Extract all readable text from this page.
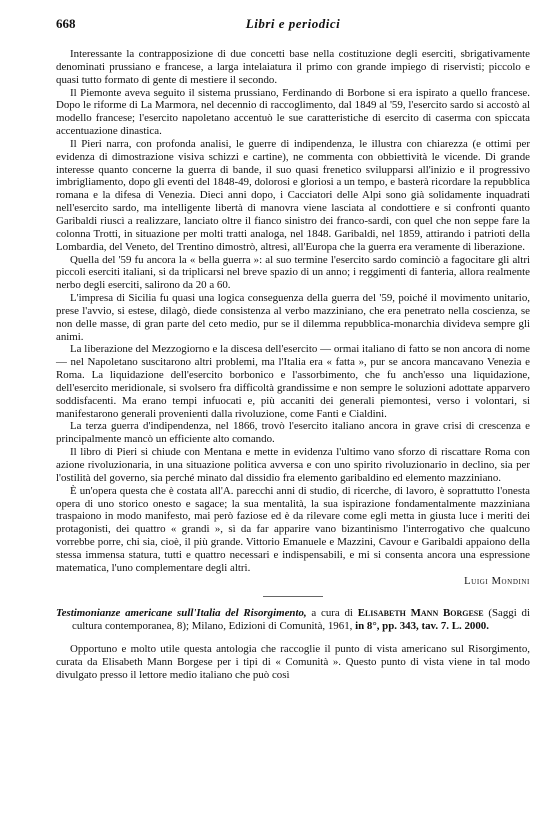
668	Libri e periodici

Interessante la contrapposizione di due concetti base nella costituzione degli eserciti, sbrigativamente denominati prussiano e francese, a larga intelaiatura il primo con grande impiego di riservisti; piccolo e quasi tutto formato di gente di mestiere il secondo.

Il Piemonte aveva seguito il sistema prussiano, Ferdinando di Borbone si era ispirato a quello francese. Dopo le riforme di La Marmora, nel decennio di raccoglimento, dal 1849 al '59, l'esercito sardo si accostò al modello francese; l'esercito napoletano accentuò le sue caratteristiche di esercito di caserma con spiccata accentuazione dinastica.

Il Pieri narra, con profonda analisi, le guerre di indipendenza, le illustra con chiarezza (e ottimi per evidenza di dimostrazione visiva schizzi e cartine), ne commenta con obbiettività le vicende. Di grande interesse quanto concerne la guerra di bande, il suo quasi frenetico svilupparsi all'inizio e il progressivo imbrigliamento, dopo gli eventi del 1848-49, dolorosi e gloriosi a un tempo, e basterà ricordare la repubblica romana e la difesa di Venezia. Dieci anni dopo, i Cacciatori delle Alpi sono già solidamente inquadrati nell'esercito sardo, ma intelligente libertà di manovra viene lasciata al condottiere e si confronti quanto Garibaldi riuscì a realizzare, lanciato oltre il fianco sinistro dei franco-sardi, con quel che non seppe fare la colonna Trotti, in situazione per molti tratti analoga, nel 1848. Garibaldi, nel 1859, attirando i patrioti della Lombardia, del Veneto, del Trentino dimostrò, altresì, all'Europa che la guerra era veramente di liberazione.

Quella del '59 fu ancora la « bella guerra »: al suo termine l'esercito sardo cominciò a fagocitare gli altri piccoli eserciti italiani, si da triplicarsi nel breve spazio di un anno; i reggimenti di fanteria, allora realmente nerbo degli eserciti, salirono da 20 a 60.

L'impresa di Sicilia fu quasi una logica conseguenza della guerra del '59, poiché il movimento unitario, prese l'avvio, si estese, dilagò, diede consistenza al verbo mazziniano, che era penetrato nella coscienza, se non delle masse, di gran parte del ceto medio, pur se il dilemma repubblica-monarchia divideva sempre gli animi.

La liberazione del Mezzogiorno e la discesa dell'esercito — ormai italiano di fatto se non ancora di nome — nel Napoletano suscitarono altri problemi, ma l'Italia era « fatta », pur se ancora mancavano Venezia e Roma. La liquidazione dell'esercito borbonico e l'assorbimento, che fu anch'esso una liquidazione, dell'esercito meridionale, si svolsero fra difficoltà grandissime e non sempre le soluzioni adottate apparvero soddisfacenti. Ma erano tempi infuocati e, più accaniti dei generali piemontesi, verso i volontari, si manifestarono generali provenienti dalla rivoluzione, come Fanti e Cialdini.

La terza guerra d'indipendenza, nel 1866, trovò l'esercito italiano ancora in grave crisi di crescenza e principalmente mancò un efficiente alto comando.

Il libro di Pieri si chiude con Mentana e mette in evidenza l'ultimo vano sforzo di riscattare Roma con azione rivoluzionaria, in una situazione politica avversa e con uno spirito rivoluzionario in declino, sia per l'ostilità del governo, sia perché minato dal dissidio fra elemento garibaldino ed elemento mazziniano.

È un'opera questa che è costata all'A. parecchi anni di studio, di ricerche, di lavoro, è soprattutto l'onesta opera di uno storico onesto e sagace; la sua mentalità, la sua ispirazione fondamentalmente mazziniana traspaiono in modo manifesto, mai però faziose ed è da rilevare come egli metta in giusta luce i meriti dei protagonisti, dei quattro « grandi », sì da far apparire vano bizantinismo l'interrogativo che qualcuno vorrebbe porre, chi sia, cioè, il più grande. Vittorio Emanuele e Mazzini, Cavour e Garibaldi appaiono della stessa immensa statura, tutti e quattro necessari e indispensabili, e mi si consenta ancora una espressione matematica, l'uno complementare degli altri.

Luigi Mondini

Testimonianze americane sull'Italia del Risorgimento, a cura di Elisabeth Mann Borgese (Saggi di cultura contemporanea, 8); Milano, Edizioni di Comunità, 1961, in 8°, pp. 343, tav. 7. L. 2000.

Opportuno e molto utile questa antologia che raccoglie il punto di vista americano sul Risorgimento, curata da Elisabeth Mann Borgese per i tipi di « Comunità ». Questo punto di vista viene in tal modo divulgato presso il lettore medio italiano che può così
